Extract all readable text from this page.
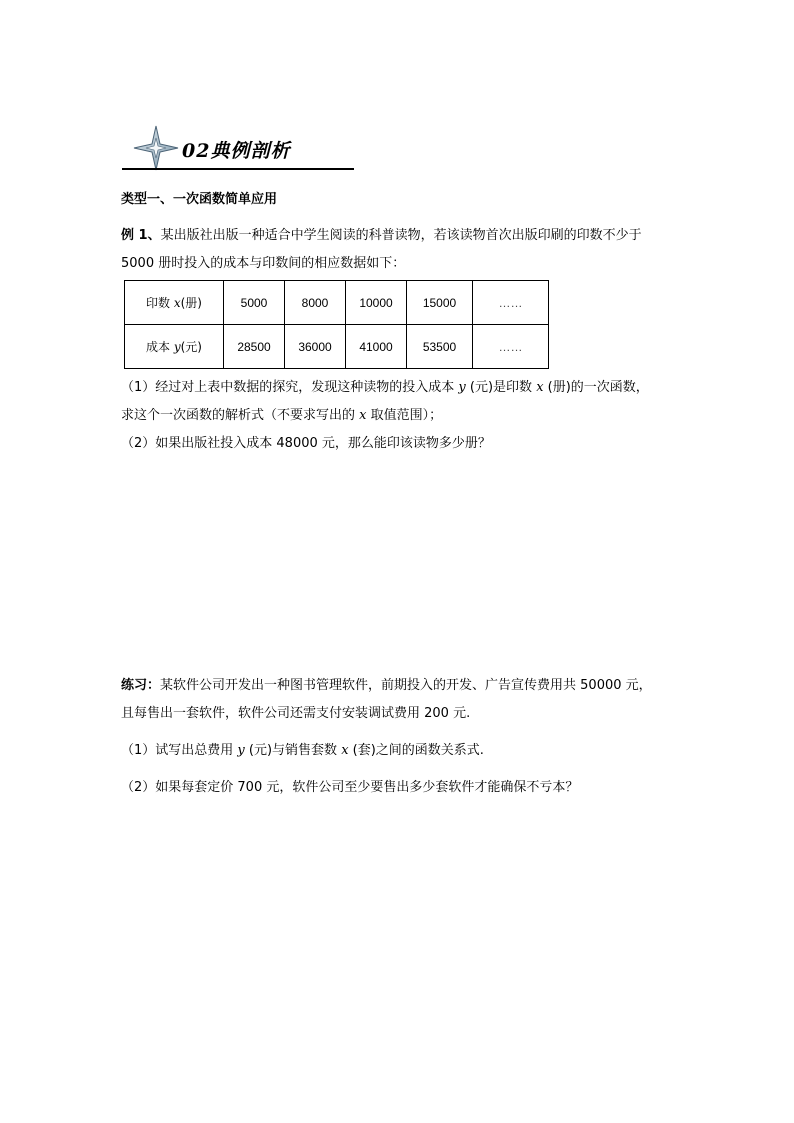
02典例剖析
类型一、一次函数简单应用
例 1、某出版社出版一种适合中学生阅读的科普读物，若该读物首次出版印刷的印数不少于
5000 册时投入的成本与印数间的相应数据如下：
印数 x(册)	5000	8000	10000	15000	……
成本 y(元)	28500	36000	41000	53500	……
（1）经过对上表中数据的探究，发现这种读物的投入成本 y (元)是印数 x (册)的一次函数，
求这个一次函数的解析式（不要求写出的 x 取值范围）；
（2）如果出版社投入成本 48000 元，那么能印该读物多少册？
练习：某软件公司开发出一种图书管理软件，前期投入的开发、广告宣传费用共 50000 元，
且每售出一套软件，软件公司还需支付安装调试费用 200 元.
（1）试写出总费用 y (元)与销售套数 x (套)之间的函数关系式.
（2）如果每套定价 700 元，软件公司至少要售出多少套软件才能确保不亏本？
